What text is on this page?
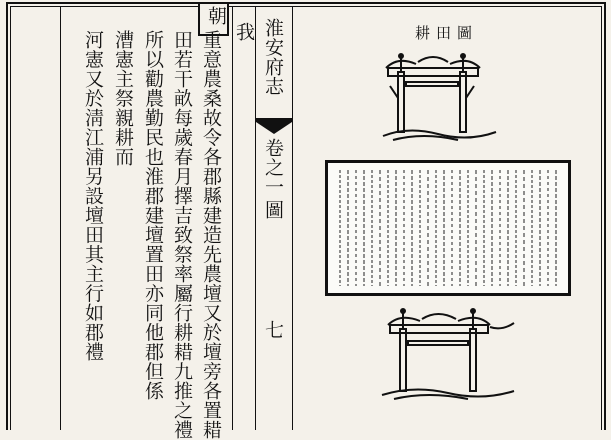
朝
重意農桑故令各郡縣建造先農壇又於壇旁各置耤
田若干畝每歲春月擇吉致祭率屬行耕耤九推之禮
所以勸農勤民也淮郡建壇置田亦同他郡但係
漕憲主祭親耕而
河憲又於淸江浦另設壇田其主行如郡禮	我 淮安府志
卷之一
圖
七
耕田圖
